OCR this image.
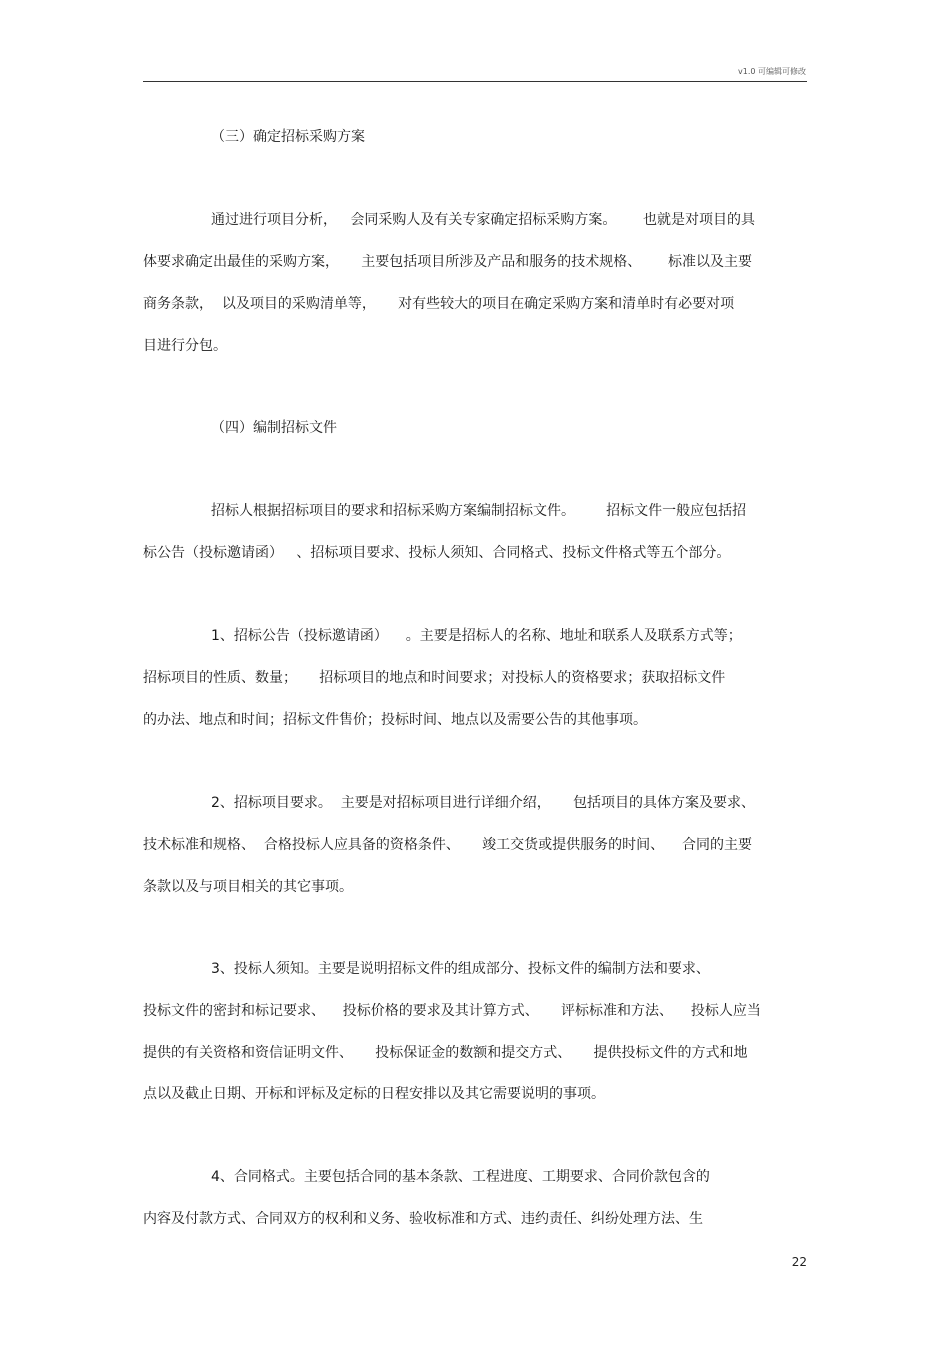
v1.0 可编辑可修改
（三）确定招标采购方案
通过进行项目分析，   会同采购人及有关专家确定招标采购方案。      也就是对项目的具
体要求确定出最佳的采购方案，     主要包括项目所涉及产品和服务的技术规格、      标准以及主要
商务条款，  以及项目的采购清单等，     对有些较大的项目在确定采购方案和清单时有必要对项
目进行分包。
（四）编制招标文件
招标人根据招标项目的要求和招标采购方案编制招标文件。       招标文件一般应包括招
标公告（投标邀请函）   、招标项目要求、投标人须知、合同格式、投标文件格式等五个部分。
1、招标公告（投标邀请函）    。主要是招标人的名称、地址和联系人及联系方式等；
招标项目的性质、数量；     招标项目的地点和时间要求；对投标人的资格要求；获取招标文件
的办法、地点和时间；招标文件售价；投标时间、地点以及需要公告的其他事项。
2、招标项目要求。  主要是对招标项目进行详细介绍，     包括项目的具体方案及要求、
技术标准和规格、  合格投标人应具备的资格条件、     竣工交货或提供服务的时间、    合同的主要
条款以及与项目相关的其它事项。
3、投标人须知。主要是说明招标文件的组成部分、投标文件的编制方法和要求、
投标文件的密封和标记要求、    投标价格的要求及其计算方式、     评标标准和方法、    投标人应当
提供的有关资格和资信证明文件、     投标保证金的数额和提交方式、     提供投标文件的方式和地
点以及截止日期、开标和评标及定标的日程安排以及其它需要说明的事项。
4、合同格式。主要包括合同的基本条款、工程进度、工期要求、合同价款包含的
内容及付款方式、合同双方的权利和义务、验收标准和方式、违约责任、纠纷处理方法、生
22
